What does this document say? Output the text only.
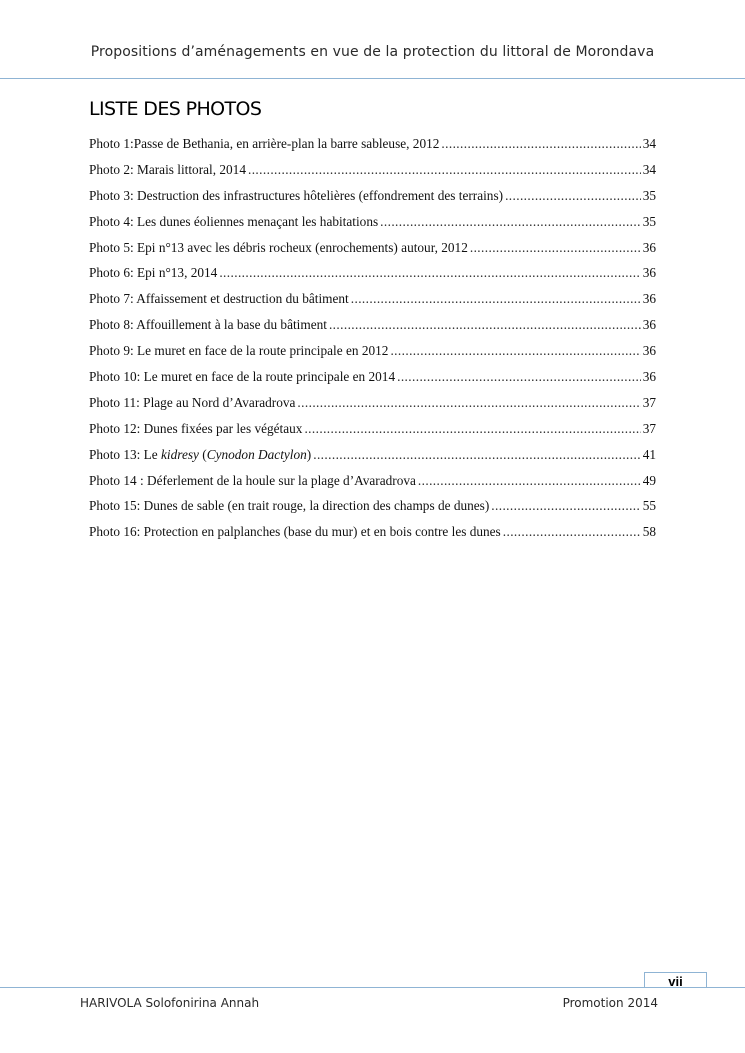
Propositions d’aménagements en vue de la protection du littoral de Morondava
LISTE DES PHOTOS
Photo 1:Passe de Bethania, en arrière-plan la barre sableuse, 2012 .....	34
Photo 2: Marais littoral, 2014 .....	34
Photo 3: Destruction des infrastructures hôtelières (effondrement des terrains) .....	35
Photo 4: Les dunes éoliennes menaçant les habitations .....	35
Photo 5: Epi n°13 avec les débris rocheux (enrochements) autour, 2012 .....	36
Photo 6: Epi n°13, 2014 .....	36
Photo 7: Affaissement et destruction du bâtiment .....	36
Photo 8: Affouillement à la base du bâtiment .....	36
Photo 9: Le muret en face de la route principale en 2012 .....	36
Photo 10: Le muret en face de la route principale en 2014 .....	36
Photo 11: Plage au Nord d’Avaradrova .....	37
Photo 12: Dunes fixées par les végétaux .....	37
Photo 13: Le kidresy (Cynodon Dactylon) .....	41
Photo 14 : Déferlement de la houle sur la plage d’Avaradrova .....	49
Photo 15: Dunes de sable (en trait rouge, la direction des champs de dunes) .....	55
Photo 16: Protection en palplanches (base du mur) et en bois contre les dunes .....	58
vii
HARIVOLA Solofonirina Annah	Promotion 2014
